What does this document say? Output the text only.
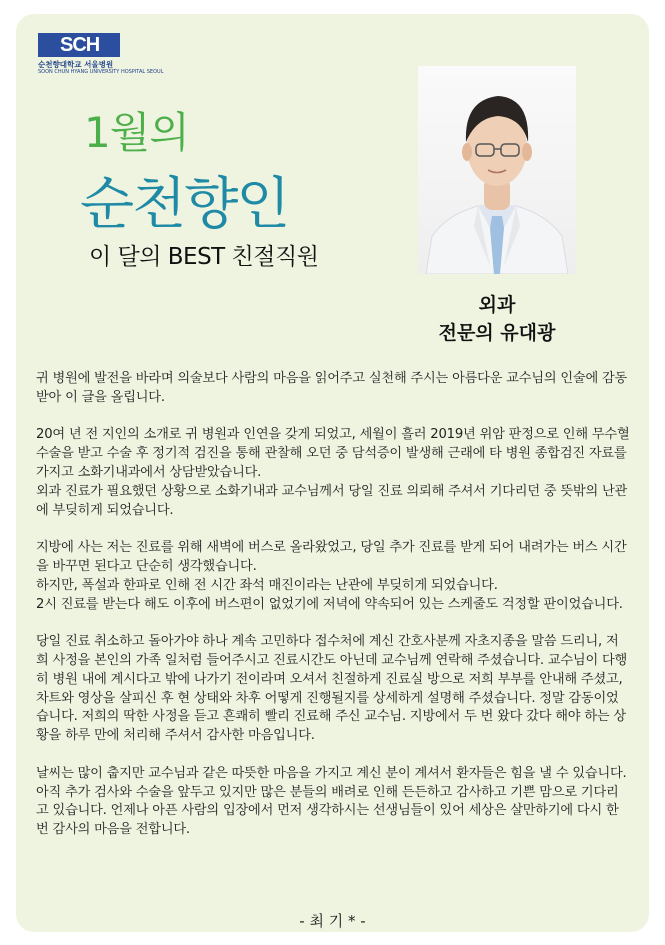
SCH
순천향대학교 서울병원
SOON CHUN HYANG UNIVERSITY HOSPITAL SEOUL
1월의
순천향인
이 달의 BEST 친절직원
외과
전문의 유대광

귀 병원에 발전을 바라며 의술보다 사람의 마음을 읽어주고 실천해 주시는 아름다운 교수님의 인술에 감동받아 이 글을 올립니다.

20여 년 전 지인의 소개로 귀 병원과 인연을 갖게 되었고, 세월이 흘러 2019년 위암 판정으로 인해 무수혈 수술을 받고 수술 후 정기적 검진을 통해 관찰해 오던 중 담석증이 발생해 근래에 타 병원 종합검진 자료를 가지고 소화기내과에서 상담받았습니다.

외과 진료가 필요했던 상황으로 소화기내과 교수님께서 당일 진료 의뢰해 주셔서 기다리던 중 뜻밖의 난관에 부딪히게 되었습니다.

지방에 사는 저는 진료를 위해 새벽에 버스로 올라왔었고, 당일 추가 진료를 받게 되어 내려가는 버스 시간을 바꾸면 된다고 단순히 생각했습니다.

하지만, 폭설과 한파로 인해 전 시간 좌석 매진이라는 난관에 부딪히게 되었습니다.

2시 진료를 받는다 해도 이후에 버스편이 없었기에 저녁에 약속되어 있는 스케줄도 걱정할 판이었습니다.

당일 진료 취소하고 돌아가야 하나 계속 고민하다 접수처에 계신 간호사분께 자초지종을 말씀 드리니, 저희 사정을 본인의 가족 일처럼 들어주시고 진료시간도 아닌데 교수님께 연락해 주셨습니다. 교수님이 다행히 병원 내에 계시다고 밖에 나가기 전이라며 오셔서 친절하게 진료실 방으로 저희 부부를 안내해 주셨고, 차트와 영상을 살피신 후 현 상태와 차후 어떻게 진행될지를 상세하게 설명해 주셨습니다. 정말 감동이었습니다. 저희의 딱한 사정을 듣고 흔쾌히 빨리 진료해 주신 교수님. 지방에서 두 번 왔다 갔다 해야 하는 상황을 하루 만에 처리해 주셔서 감사한 마음입니다.

날씨는 많이 춥지만 교수님과 같은 따뜻한 마음을 가지고 계신 분이 계셔서 환자들은 힘을 낼 수 있습니다. 아직 추가 검사와 수술을 앞두고 있지만 많은 분들의 배려로 인해 든든하고 감사하고 기쁜 맘으로 기다리고 있습니다. 언제나 아픈 사람의 입장에서 먼저 생각하시는 선생님들이 있어 세상은 살만하기에 다시 한번 감사의 마음을 전합니다.

- 최 기 * -
